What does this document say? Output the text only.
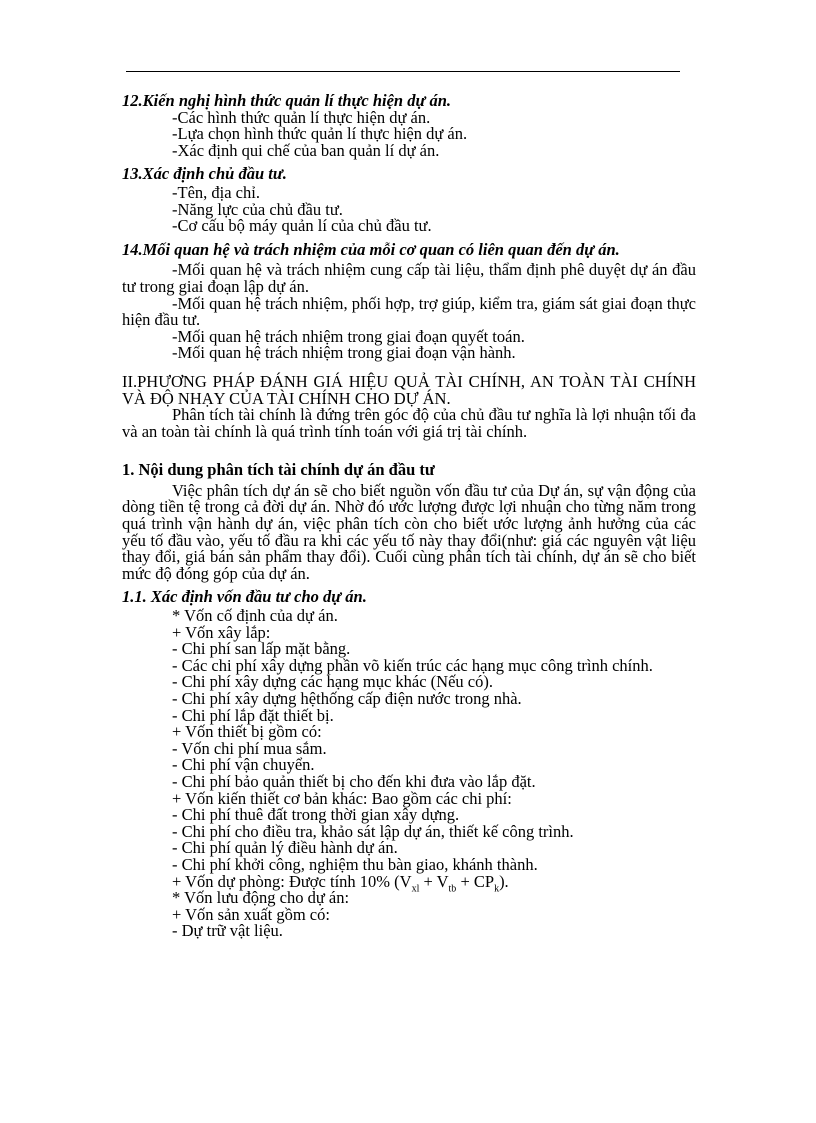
12.Kiến nghị hình thức quản lí thực hiện dự án.

-Các hình thức quản lí thực hiện dự án.

-Lựa chọn hình thức quản lí thực hiện dự án.

-Xác định qui chế của ban quản lí dự án.

13.Xác định chủ đầu tư.

-Tên, địa chỉ.

-Năng lực của chủ đầu tư.

-Cơ cấu bộ máy quản lí của chủ đầu tư.

14.Mối quan hệ và trách nhiệm của mỗi cơ quan có liên quan đến dự án.

-Mối quan hệ và trách nhiệm cung cấp tài liệu, thẩm định phê duyệt dự án đầu tư trong giai đoạn lập dự án.

-Mối quan hệ trách nhiệm, phối hợp, trợ giúp, kiểm tra, giám sát giai đoạn thực hiện đầu tư.

-Mối quan hệ trách nhiệm trong giai đoạn quyết toán.

-Mối quan hệ trách nhiệm trong giai đoạn vận hành.

II.PHƯƠNG PHÁP ĐÁNH GIÁ HIỆU QUẢ TÀI CHÍNH, AN TOÀN TÀI CHÍNH VÀ ĐỘ NHẠY CỦA TÀI CHÍNH CHO DỰ ÁN.

Phân tích tài chính là đứng trên góc độ của chủ đầu tư nghĩa là lợi nhuận tối đa và an toàn tài chính là quá trình tính toán với giá trị tài chính.

1. Nội dung phân tích tài chính dự án đầu tư

Việc phân tích dự án sẽ cho biết nguồn vốn đầu tư của Dự án, sự vận động của dòng tiền tệ trong cả đời dự án. Nhờ đó ước lượng được lợi nhuận cho từng năm trong quá trình vận hành dự án, việc phân tích còn cho biết ước lượng ảnh hưởng của các yếu tố đầu vào, yếu tố đầu ra khi các yếu tố này thay đổi(như: giá các nguyên vật liệu thay đổi, giá bán sản phẩm thay đổi). Cuối cùng phân tích tài chính, dự án sẽ cho biết mức độ đóng góp của dự án.

1.1. Xác định vốn đầu tư cho dự án.

* Vốn cố định của dự án.

+ Vốn xây lắp:

- Chi phí san lấp mặt bằng.

- Các chi phí xây dựng phần võ kiến trúc các hạng mục công trình chính.

- Chi phí xây dựng các hạng mục khác (Nếu có).

- Chi phí xây dựng hệthống cấp điện nước trong nhà.

- Chi phí lắp đặt thiết bị.

+ Vốn thiết bị gồm có:

- Vốn chi phí mua sắm.

- Chi phí vận chuyển.

- Chi phí bảo quản thiết bị cho đến khi đưa vào lắp đặt.

+ Vốn kiến thiết cơ bản khác: Bao gồm các chi phí:

- Chi phí thuê đất trong thời gian xây dựng.

- Chi phí cho điều tra, khảo sát lập dự án, thiết kế công trình.

- Chi phí quản lý điều hành dự án.

- Chi phí khởi công, nghiệm thu bàn giao, khánh thành.

+ Vốn dự phòng: Được tính 10% $(V_{xl} + V_{tb} + CP_k)$.

* Vốn lưu động cho dự án:

+ Vốn sản xuất gồm có:

- Dự trữ vật liệu.
